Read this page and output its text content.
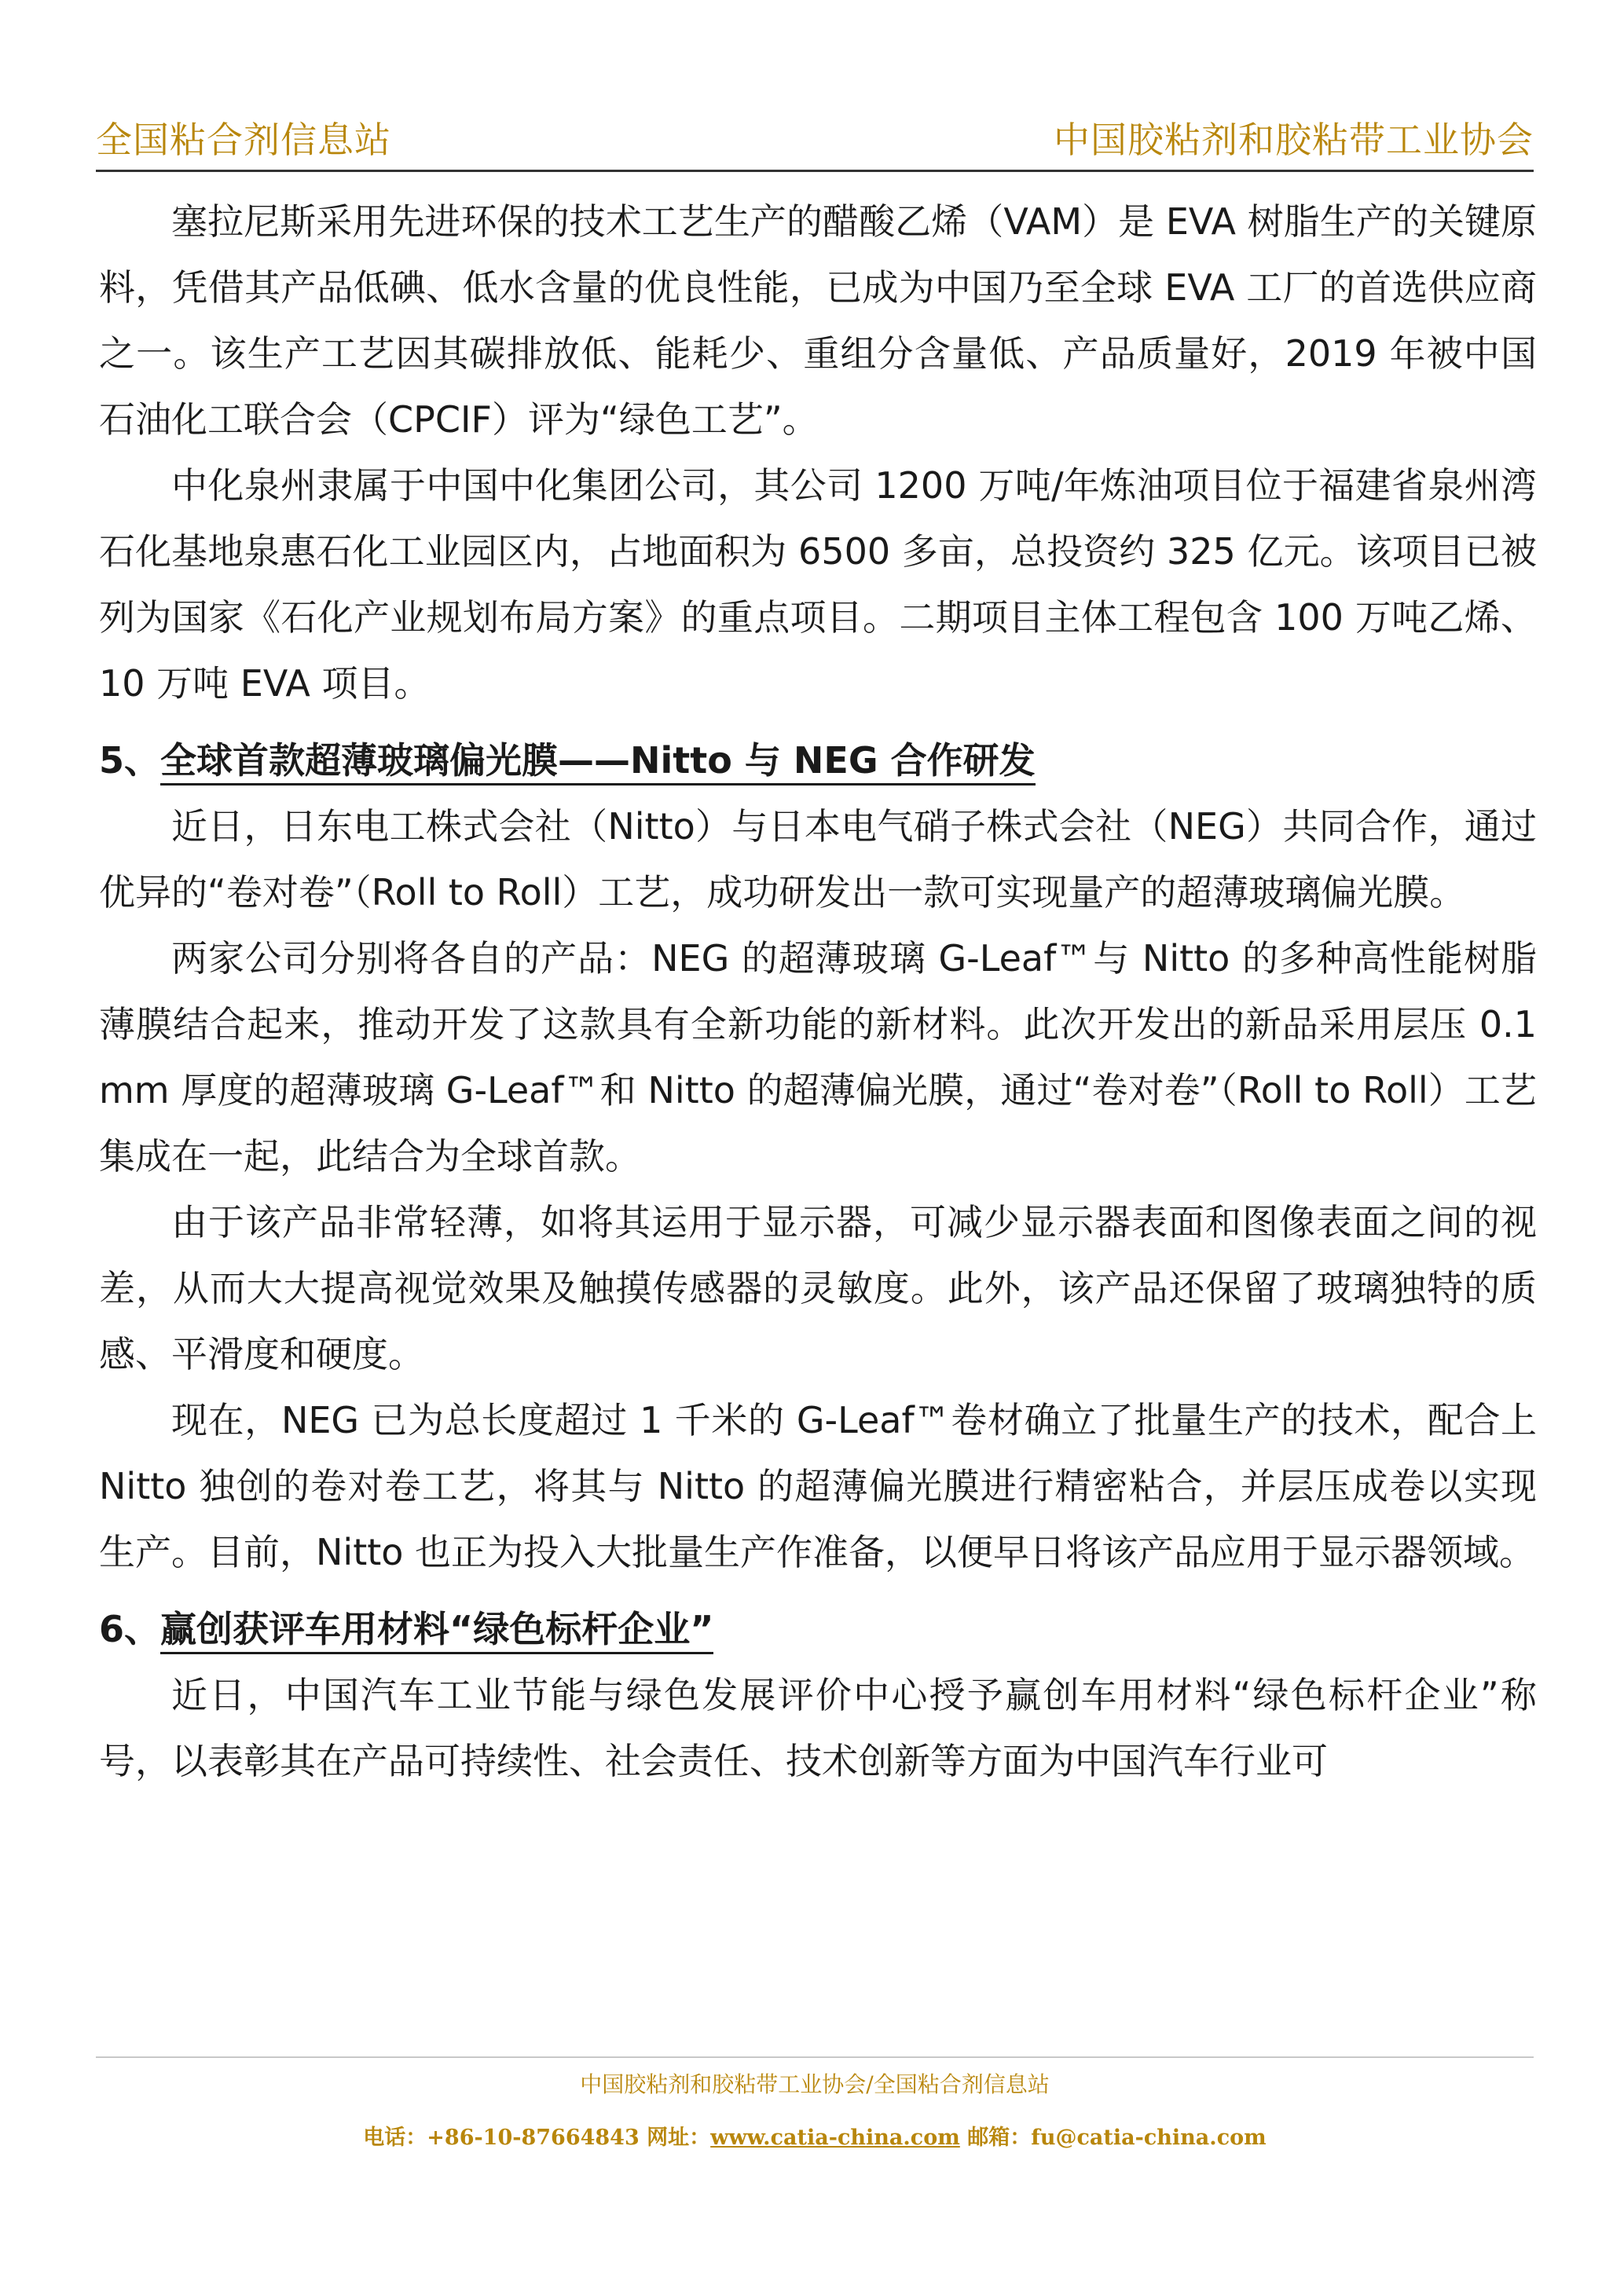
全国粘合剂信息站	中国胶粘剂和胶粘带工业协会

塞拉尼斯采用先进环保的技术工艺生产的醋酸乙烯（VAM）是 EVA 树脂生产的关键原料，凭借其产品低碘、低水含量的优良性能，已成为中国乃至全球 EVA 工厂的首选供应商之一。该生产工艺因其碳排放低、能耗少、重组分含量低、产品质量好，2019 年被中国石油化工联合会（CPCIF）评为“绿色工艺”。

中化泉州隶属于中国中化集团公司，其公司 1200 万吨/年炼油项目位于福建省泉州湾石化基地泉惠石化工业园区内，占地面积为 6500 多亩，总投资约 325 亿元。该项目已被列为国家《石化产业规划布局方案》的重点项目。二期项目主体工程包含 100 万吨乙烯、10 万吨 EVA 项目。

5、全球首款超薄玻璃偏光膜——Nitto 与 NEG 合作研发

近日，日东电工株式会社（Nitto）与日本电气硝子株式会社（NEG）共同合作，通过优异的“卷对卷”（Roll to Roll）工艺，成功研发出一款可实现量产的超薄玻璃偏光膜。

两家公司分别将各自的产品：NEG 的超薄玻璃 G-Leaf™与 Nitto 的多种高性能树脂薄膜结合起来，推动开发了这款具有全新功能的新材料。此次开发出的新品采用层压 0.1 mm 厚度的超薄玻璃 G-Leaf™和 Nitto 的超薄偏光膜，通过“卷对卷”（Roll to Roll）工艺集成在一起，此结合为全球首款。

由于该产品非常轻薄，如将其运用于显示器，可减少显示器表面和图像表面之间的视差，从而大大提高视觉效果及触摸传感器的灵敏度。此外，该产品还保留了玻璃独特的质感、平滑度和硬度。

现在，NEG 已为总长度超过 1 千米的 G-Leaf™卷材确立了批量生产的技术，配合上 Nitto 独创的卷对卷工艺，将其与 Nitto 的超薄偏光膜进行精密粘合，并层压成卷以实现生产。目前，Nitto 也正为投入大批量生产作准备，以便早日将该产品应用于显示器领域。

6、赢创获评车用材料“绿色标杆企业”

近日，中国汽车工业节能与绿色发展评价中心授予赢创车用材料“绿色标杆企业”称号，以表彰其在产品可持续性、社会责任、技术创新等方面为中国汽车行业可

中国胶粘剂和胶粘带工业协会/全国粘合剂信息站
电话：+86-10-87664843 网址：www.catia-china.com 邮箱：fu@catia-china.com
